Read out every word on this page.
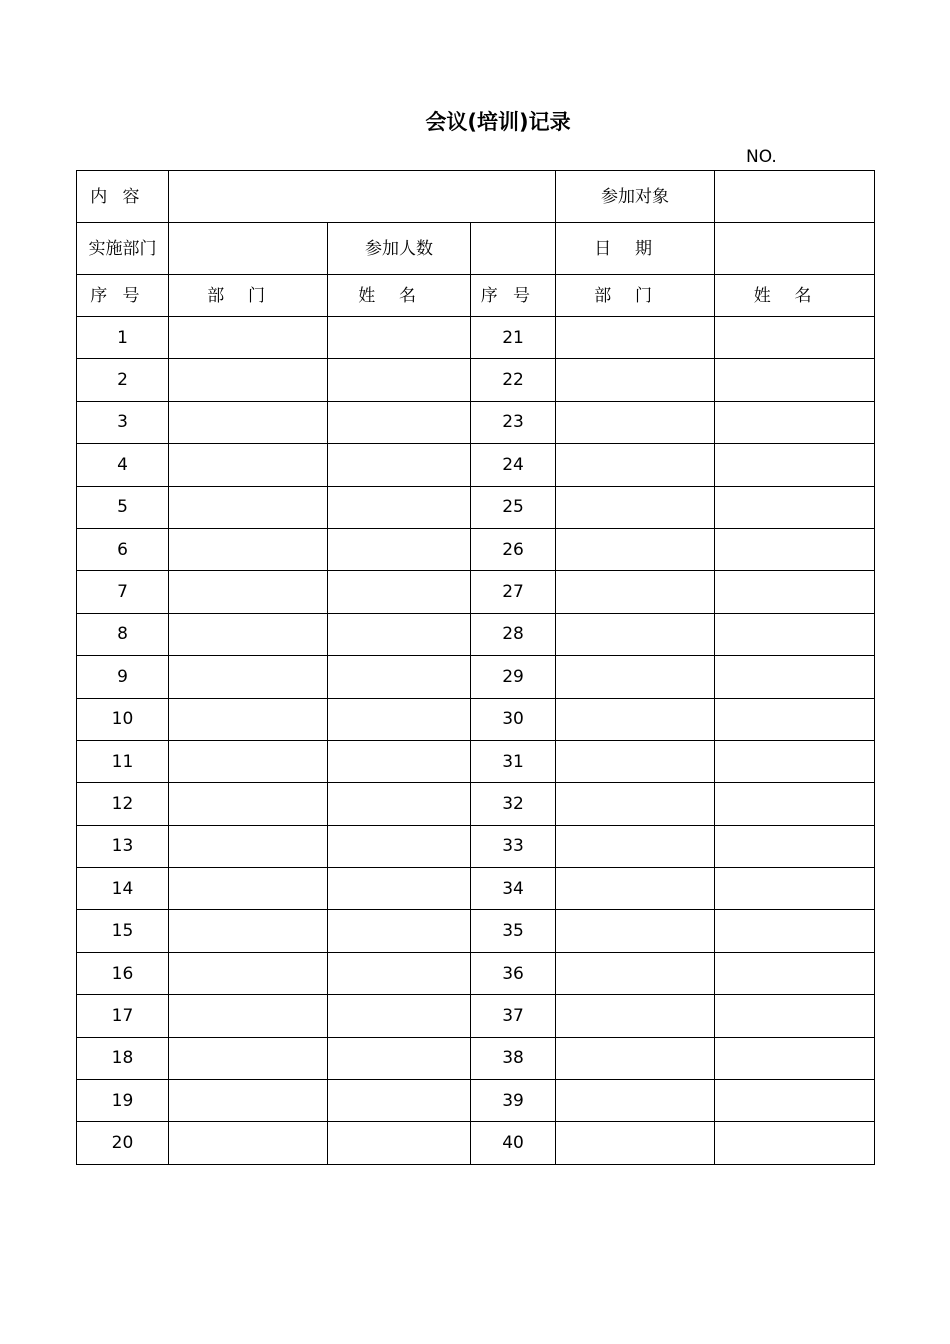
会议(培训)记录
NO.
内容				参加对象	
实施部门		参加人数		日期	
序号	部门	姓名	序号	部门	姓名
1			21		
2			22		
3			23		
4			24		
5			25		
6			26		
7			27		
8			28		
9			29		
10			30		
11			31		
12			32		
13			33		
14			34		
15			35		
16			36		
17			37		
18			38		
19			39		
20			40		
